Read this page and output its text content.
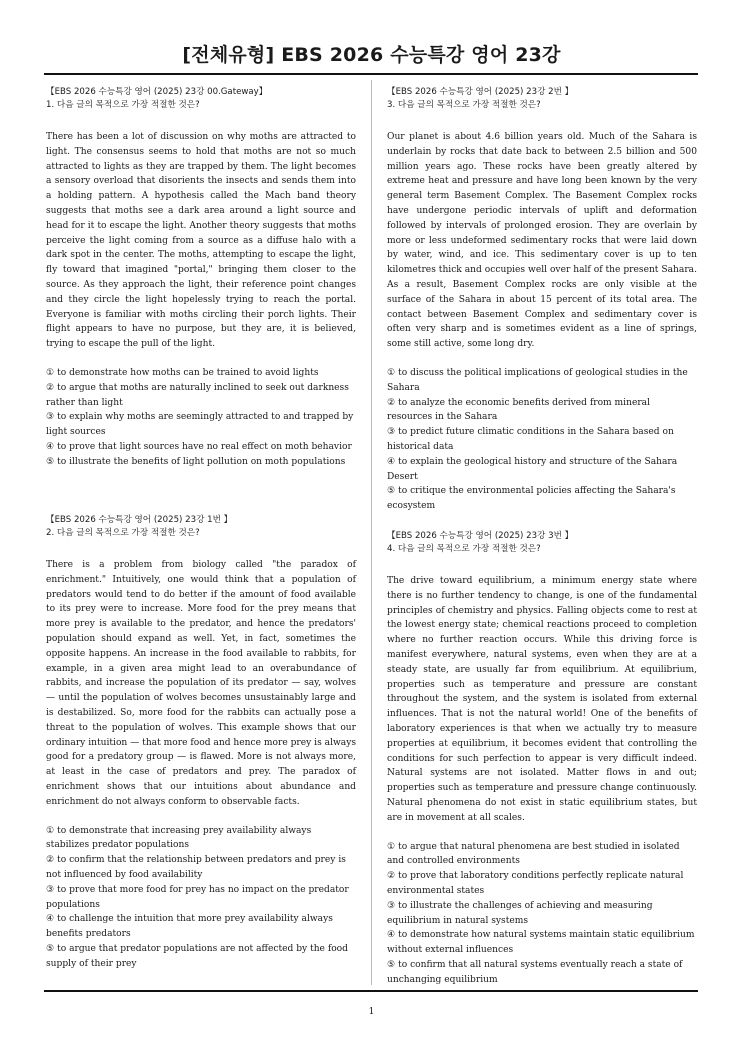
[전체유형] EBS 2026 수능특강 영어 23강
【EBS 2026 수능특강 영어 (2025) 23강 00.Gateway】
1. 다음 글의 목적으로 가장 적절한 것은?
There has been a lot of discussion on why moths are attracted to light. The consensus seems to hold that moths are not so much attracted to lights as they are trapped by them. The light becomes a sensory overload that disorients the insects and sends them into a holding pattern. A hypothesis called the Mach band theory suggests that moths see a dark area around a light source and head for it to escape the light. Another theory suggests that moths perceive the light coming from a source as a diffuse halo with a dark spot in the center. The moths, attempting to escape the light, fly toward that imagined "portal," bringing them closer to the source. As they approach the light, their reference point changes and they circle the light hopelessly trying to reach the portal. Everyone is familiar with moths circling their porch lights. Their flight appears to have no purpose, but they are, it is believed, trying to escape the pull of the light.
① to demonstrate how moths can be trained to avoid lights
② to argue that moths are naturally inclined to seek out darkness rather than light
③ to explain why moths are seemingly attracted to and trapped by light sources
④ to prove that light sources have no real effect on moth behavior
⑤ to illustrate the benefits of light pollution on moth populations
【EBS 2026 수능특강 영어 (2025) 23강 1번 】
2. 다음 글의 목적으로 가장 적절한 것은?
There is a problem from biology called "the paradox of enrichment." Intuitively, one would think that a population of predators would tend to do better if the amount of food available to its prey were to increase. More food for the prey means that more prey is available to the predator, and hence the predators' population should expand as well. Yet, in fact, sometimes the opposite happens. An increase in the food available to rabbits, for example, in a given area might lead to an overabundance of rabbits, and increase the population of its predator — say, wolves — until the population of wolves becomes unsustainably large and is destabilized. So, more food for the rabbits can actually pose a threat to the population of wolves. This example shows that our ordinary intuition — that more food and hence more prey is always good for a predatory group — is flawed. More is not always more, at least in the case of predators and prey. The paradox of enrichment shows that our intuitions about abundance and enrichment do not always conform to observable facts.
① to demonstrate that increasing prey availability always stabilizes predator populations
② to confirm that the relationship between predators and prey is not influenced by food availability
③ to prove that more food for prey has no impact on the predator populations
④ to challenge the intuition that more prey availability always benefits predators
⑤ to argue that predator populations are not affected by the food supply of their prey
【EBS 2026 수능특강 영어 (2025) 23강 2번 】
3. 다음 글의 목적으로 가장 적절한 것은?
Our planet is about 4.6 billion years old. Much of the Sahara is underlain by rocks that date back to between 2.5 billion and 500 million years ago. These rocks have been greatly altered by extreme heat and pressure and have long been known by the very general term Basement Complex. The Basement Complex rocks have undergone periodic intervals of uplift and deformation followed by intervals of prolonged erosion. They are overlain by more or less undeformed sedimentary rocks that were laid down by water, wind, and ice. This sedimentary cover is up to ten kilometres thick and occupies well over half of the present Sahara. As a result, Basement Complex rocks are only visible at the surface of the Sahara in about 15 percent of its total area. The contact between Basement Complex and sedimentary cover is often very sharp and is sometimes evident as a line of springs, some still active, some long dry.
① to discuss the political implications of geological studies in the Sahara
② to analyze the economic benefits derived from mineral resources in the Sahara
③ to predict future climatic conditions in the Sahara based on historical data
④ to explain the geological history and structure of the Sahara Desert
⑤ to critique the environmental policies affecting the Sahara's ecosystem
【EBS 2026 수능특강 영어 (2025) 23강 3번 】
4. 다음 글의 목적으로 가장 적절한 것은?
The drive toward equilibrium, a minimum energy state where there is no further tendency to change, is one of the fundamental principles of chemistry and physics. Falling objects come to rest at the lowest energy state; chemical reactions proceed to completion where no further reaction occurs. While this driving force is manifest everywhere, natural systems, even when they are at a steady state, are usually far from equilibrium. At equilibrium, properties such as temperature and pressure are constant throughout the system, and the system is isolated from external influences. That is not the natural world! One of the benefits of laboratory experiences is that when we actually try to measure properties at equilibrium, it becomes evident that controlling the conditions for such perfection to appear is very difficult indeed. Natural systems are not isolated. Matter flows in and out; properties such as temperature and pressure change continuously. Natural phenomena do not exist in static equilibrium states, but are in movement at all scales.
① to argue that natural phenomena are best studied in isolated and controlled environments
② to prove that laboratory conditions perfectly replicate natural environmental states
③ to illustrate the challenges of achieving and measuring equilibrium in natural systems
④ to demonstrate how natural systems maintain static equilibrium without external influences
⑤ to confirm that all natural systems eventually reach a state of unchanging equilibrium
1
